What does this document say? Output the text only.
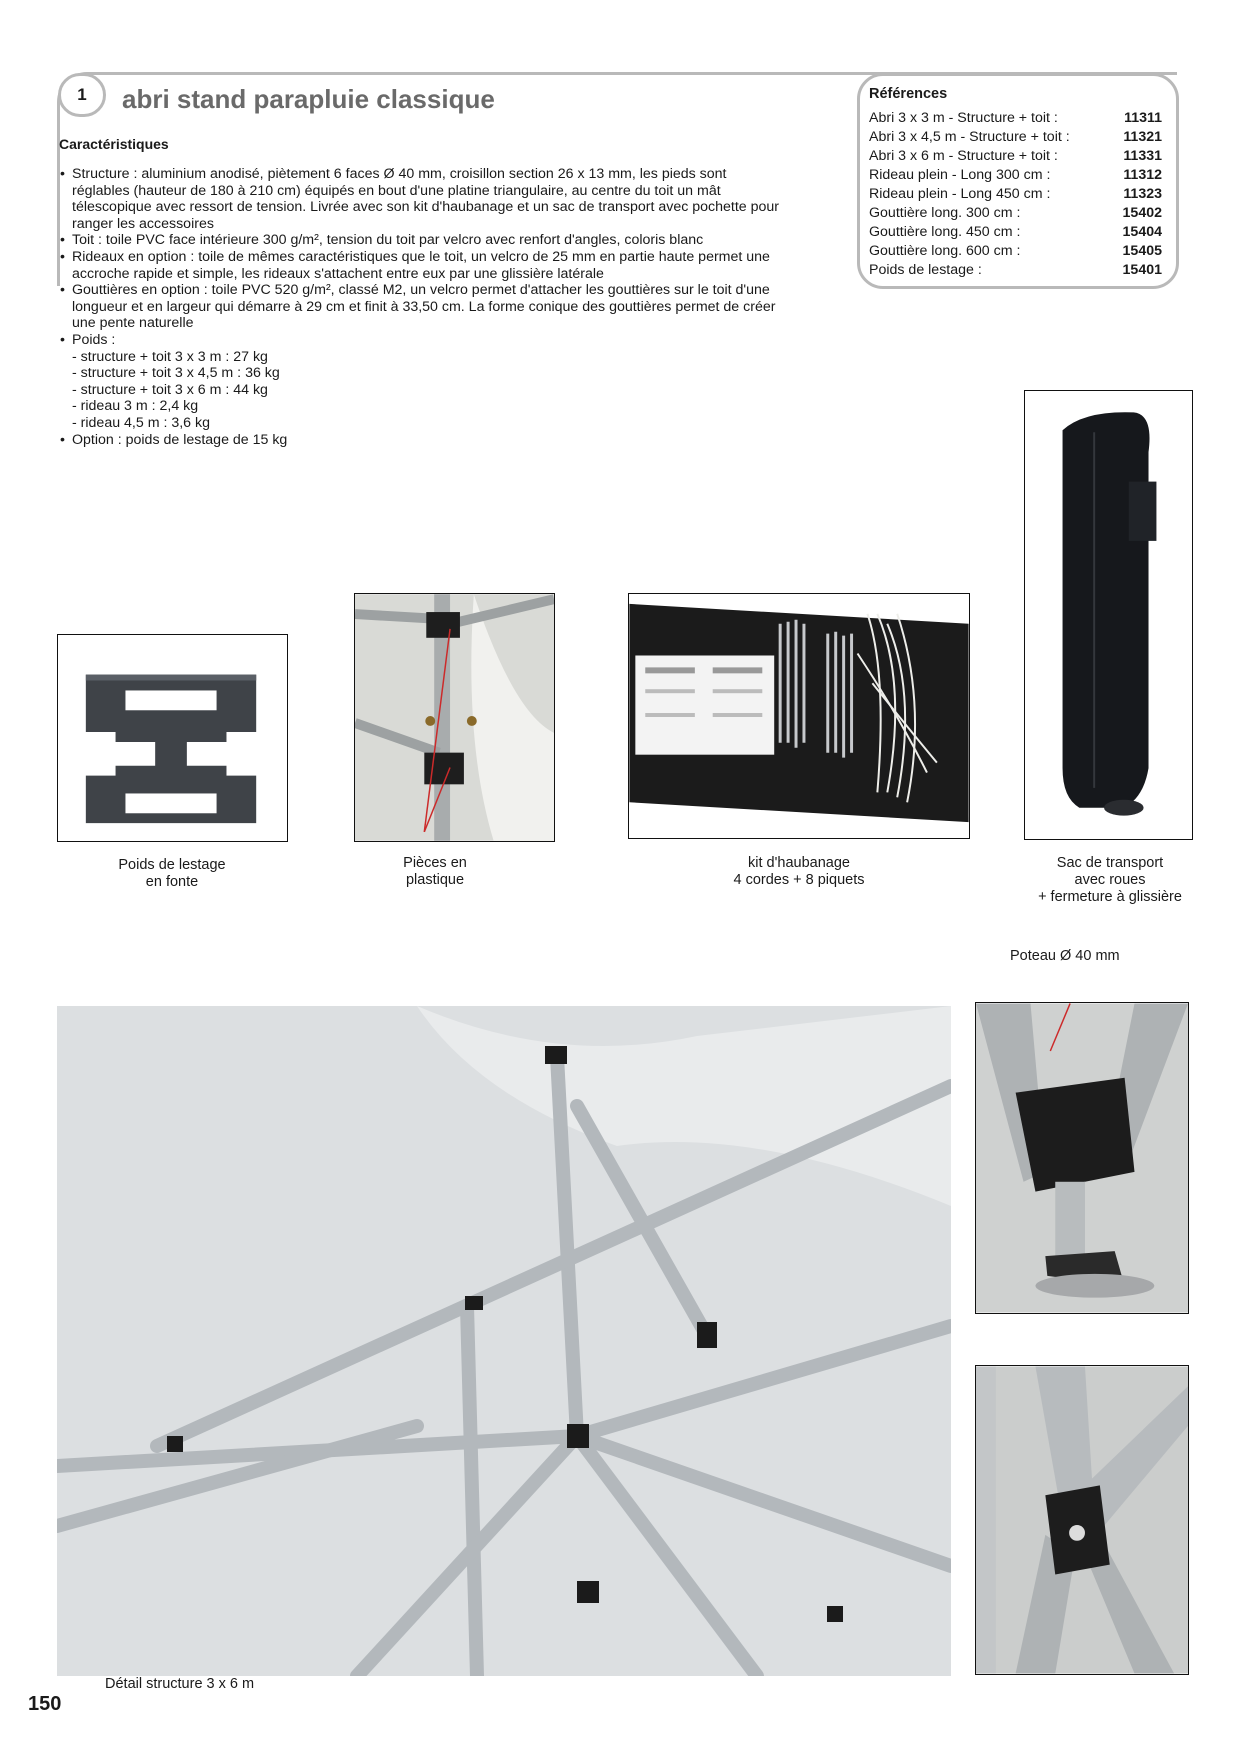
1	abri stand parapluie classique
Caractéristiques
• Structure : aluminium anodisé, piètement 6 faces Ø 40 mm, croisillon section 26 x 13 mm, les pieds sont réglables (hauteur de 180 à 210 cm) équipés en bout d'une platine triangulaire, au centre du toit un mât télescopique avec ressort de tension. Livrée avec son kit d'haubanage et un sac de transport avec pochette pour ranger les accessoires
• Toit : toile PVC face intérieure 300 g/m², tension du toit par velcro avec renfort d'angles, coloris blanc
• Rideaux en option : toile de mêmes caractéristiques que le toit, un velcro de 25 mm en partie haute permet une accroche rapide et simple, les rideaux s'attachent entre eux par une glissière latérale
• Gouttières en option : toile PVC 520 g/m², classé M2, un velcro permet d'attacher les gouttières sur le toit d'une longueur et en largeur qui démarre à 29 cm et finit à 33,50 cm. La forme conique des gouttières permet de créer une pente naturelle
• Poids :
- structure + toit 3 x 3 m : 27 kg
- structure + toit 3 x 4,5 m : 36 kg
- structure + toit 3 x 6 m : 44 kg
- rideau 3 m : 2,4 kg
- rideau 4,5 m : 3,6 kg
• Option : poids de lestage de 15 kg
Références
Abri 3 x 3 m - Structure + toit :	11311
Abri 3 x 4,5 m - Structure + toit :	11321
Abri 3 x 6 m - Structure + toit :	11331
Rideau plein - Long 300 cm :	11312
Rideau plein - Long 450 cm :	11323
Gouttière long. 300 cm :	15402
Gouttière long. 450 cm :	15404
Gouttière long. 600 cm :	15405
Poids de lestage :	15401
Poids de lestage
en fonte
Pièces en
plastique
kit d'haubanage
4 cordes + 8 piquets
Sac de transport
avec roues
+ fermeture à glissière
Poteau Ø 40 mm
Détail structure 3 x 6 m
150
